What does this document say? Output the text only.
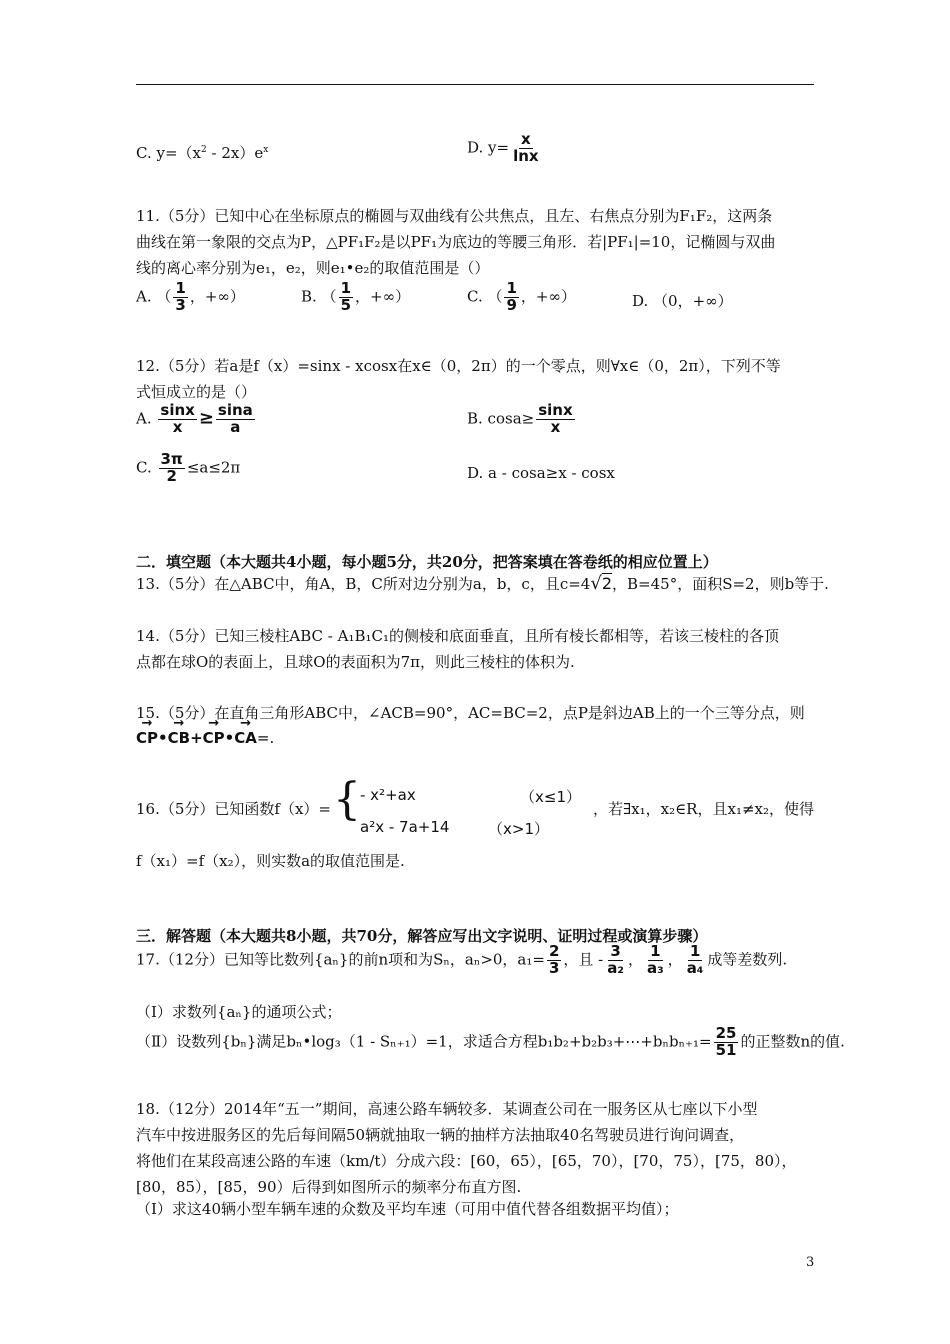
C. $y=(x^2 - 2x)e^x$	D. $y= \frac{x}{\ln x}$
11.（5分）已知中心在坐标原点的椭圆与双曲线有公共焦点，且左、右焦点分别为F₁F₂，这两条
曲线在第一象限的交点为P，△PF₁F₂是以PF₁为底边的等腰三角形．若|PF₁|=10，记椭圆与双曲
线的离心率分别为e₁，e₂，则e₁•e₂的取值范围是（）
A. （ $\frac{1}{3}$ ，+∞）	B. （ $\frac{1}{5}$ ，+∞）	C. （ $\frac{1}{9}$ ，+∞）	D. （0，+∞）
12.（5分）若a是f（x）=sinx - xcosx在x∈（0，2π）的一个零点，则∀x∈（0，2π），下列不等
式恒成立的是（）
A. $\frac{\sin x}{x} \ge \frac{\sin a}{a}$	B. $\cos a\ge \frac{\sin x}{x}$
C. $\frac{3\pi}{2} \le a\le 2\pi$	D. a - cosa≥x - cosx
二．填空题（本大题共4小题，每小题5分，共20分，把答案填在答卷纸的相应位置上）
13.（5分）在△ABC中，角A，B，C所对边分别为a，b，c，且c=4√2，B=45°，面积S=2，则b等于.
14.（5分）已知三棱柱ABC - A₁B₁C₁的侧棱和底面垂直，且所有棱长都相等，若该三棱柱的各顶
点都在球O的表面上，且球O的表面积为7π，则此三棱柱的体积为.
15.（5分）在直角三角形ABC中，∠ACB=90°，AC=BC=2，点P是斜边AB上的一个三等分点，则
→ CP•→ CB+→ CP•→ CA=.
16.（5分）已知函数f（x）= { - x²+ax	（x≤1）
a²x - 7a+14	（x>1）
，若∃x₁，x₂∈R，且x₁≠x₂，使得
f（x₁）=f（x₂），则实数a的取值范围是.
三．解答题（本大题共8小题，共70分，解答应写出文字说明、证明过程或演算步骤）
17.（12分）已知等比数列{aₙ}的前n项和为Sₙ，aₙ>0，$a_1= \frac{2}{3}$ ，且 - $\frac{3}{\text{a₂}}$ ， $\frac{1}{\text{a₃}}$ ， $\frac{1}{\text{a₄}}$ 成等差数列.
（Ⅰ）求数列{aₙ}的通项公式；
（Ⅱ）设数列{bₙ}满足bₙ•log₃（1 - Sₙ₊₁）=1，求适合方程b₁b₂+b₂b₃+⋯+bₙbₙ₊₁= $\frac{25}{51}$ 的正整数n的值.
18.（12分）2014年“五一”期间，高速公路车辆较多．某调查公司在一服务区从七座以下小型
汽车中按进服务区的先后每间隔50辆就抽取一辆的抽样方法抽取40名驾驶员进行询问调查，
将他们在某段高速公路的车速（km/t）分成六段：[60，65），[65，70），[70，75），[75，80），
[80，85），[85，90）后得到如图所示的频率分布直方图.
（Ⅰ）求这40辆小型车辆车速的众数及平均车速（可用中值代替各组数据平均值）；
3
